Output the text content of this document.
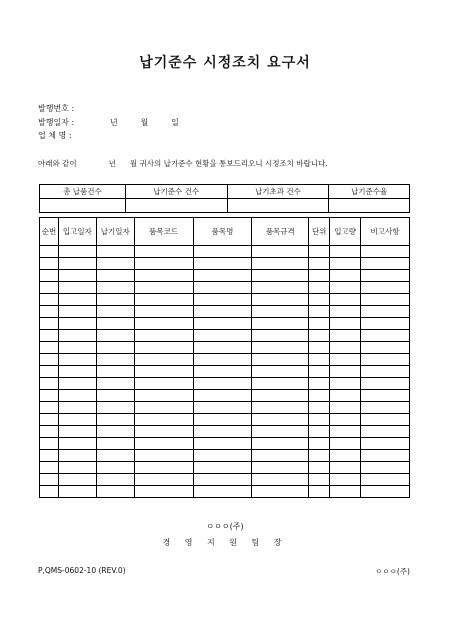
납기준수 시정조치 요구서
발행번호 :
발행일자 :	년	월	일
업 체 명 :
아래와 같이	년 월 귀사의 납기준수 현황을 통보드리오니 시정조치 바랍니다.
총 납품건수	납기준수 건수	납기초과 건수	납기준수율

순번	입고일자	납기일자	품목코드	품목명	품목규격	단위	입고량	비고사항

ㅇㅇㅇ(주)
경 영 지 원 팀 장
P,QMS-0602-10 (REV.0)	ㅇㅇㅇ(주)
